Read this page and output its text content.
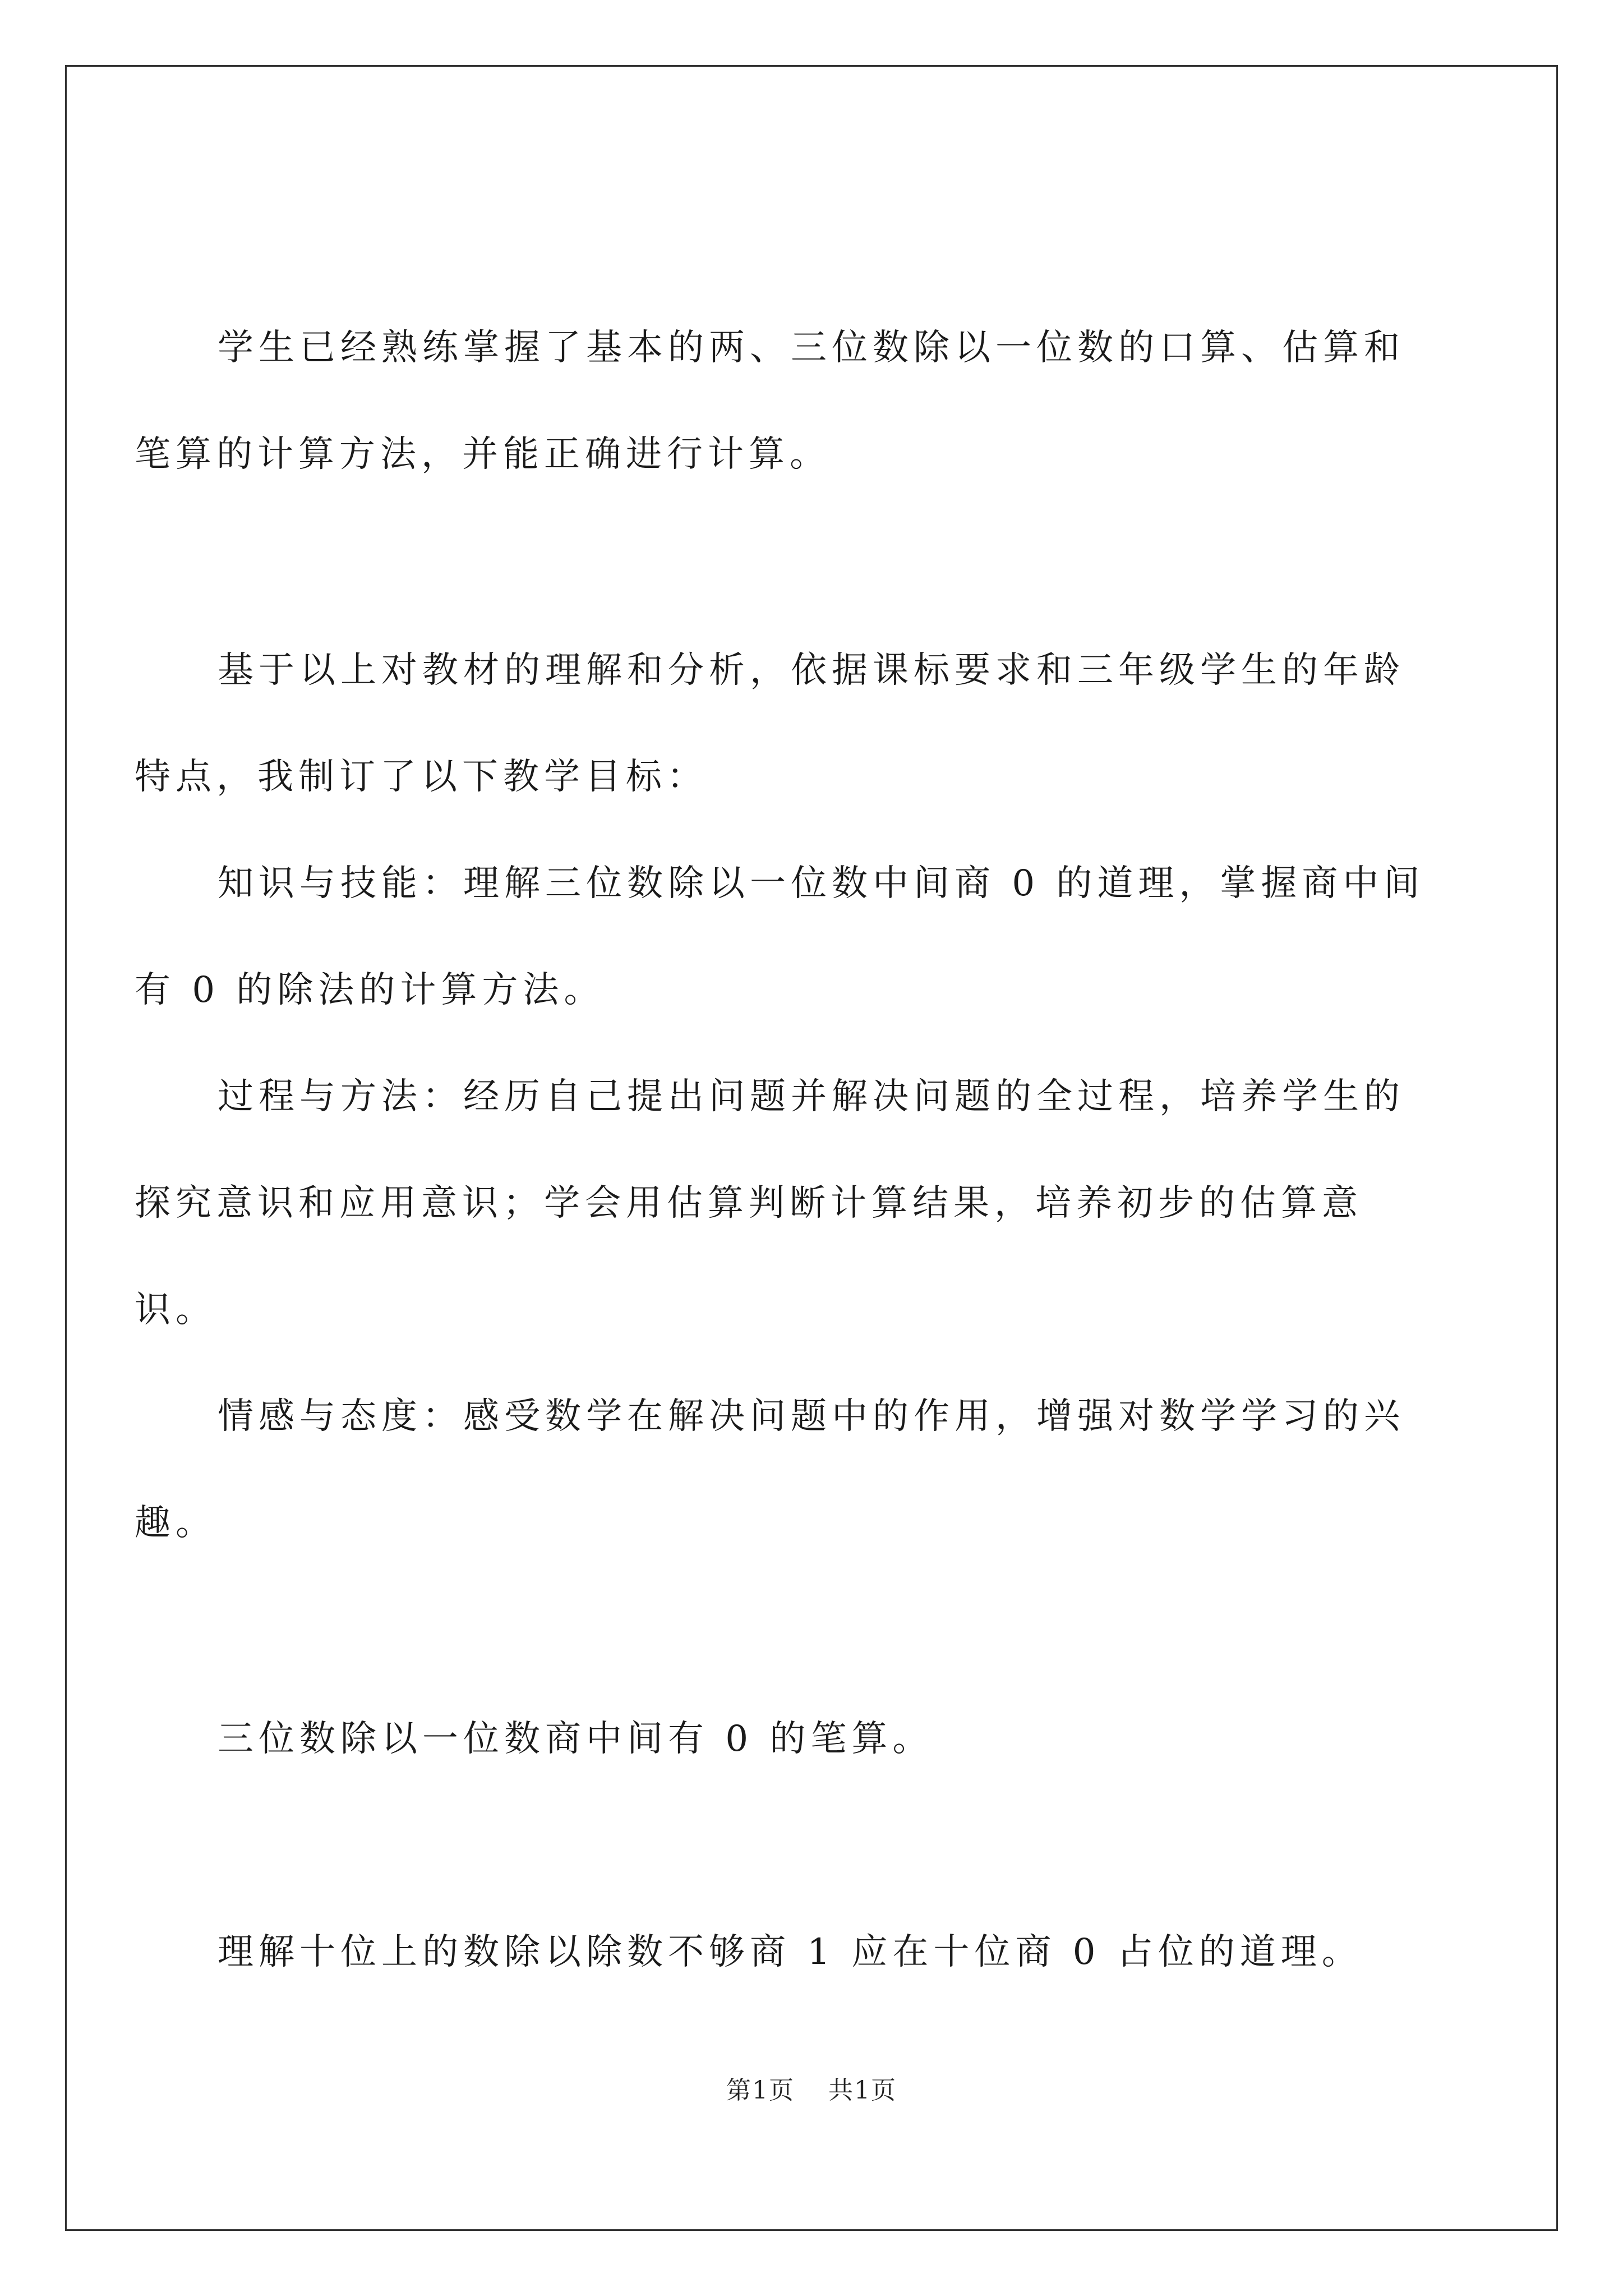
学生已经熟练掌握了基本的两、三位数除以一位数的口算、估算和笔算的计算方法，并能正确进行计算。

基于以上对教材的理解和分析，依据课标要求和三年级学生的年龄特点，我制订了以下教学目标：

知识与技能：理解三位数除以一位数中间商 0 的道理，掌握商中间有 0 的除法的计算方法。

过程与方法：经历自己提出问题并解决问题的全过程，培养学生的探究意识和应用意识；学会用估算判断计算结果，培养初步的估算意识。

情感与态度：感受数学在解决问题中的作用，增强对数学学习的兴趣。

三位数除以一位数商中间有 0 的笔算。

理解十位上的数除以除数不够商 1 应在十位商 0 占位的道理。

第1页 共1页
